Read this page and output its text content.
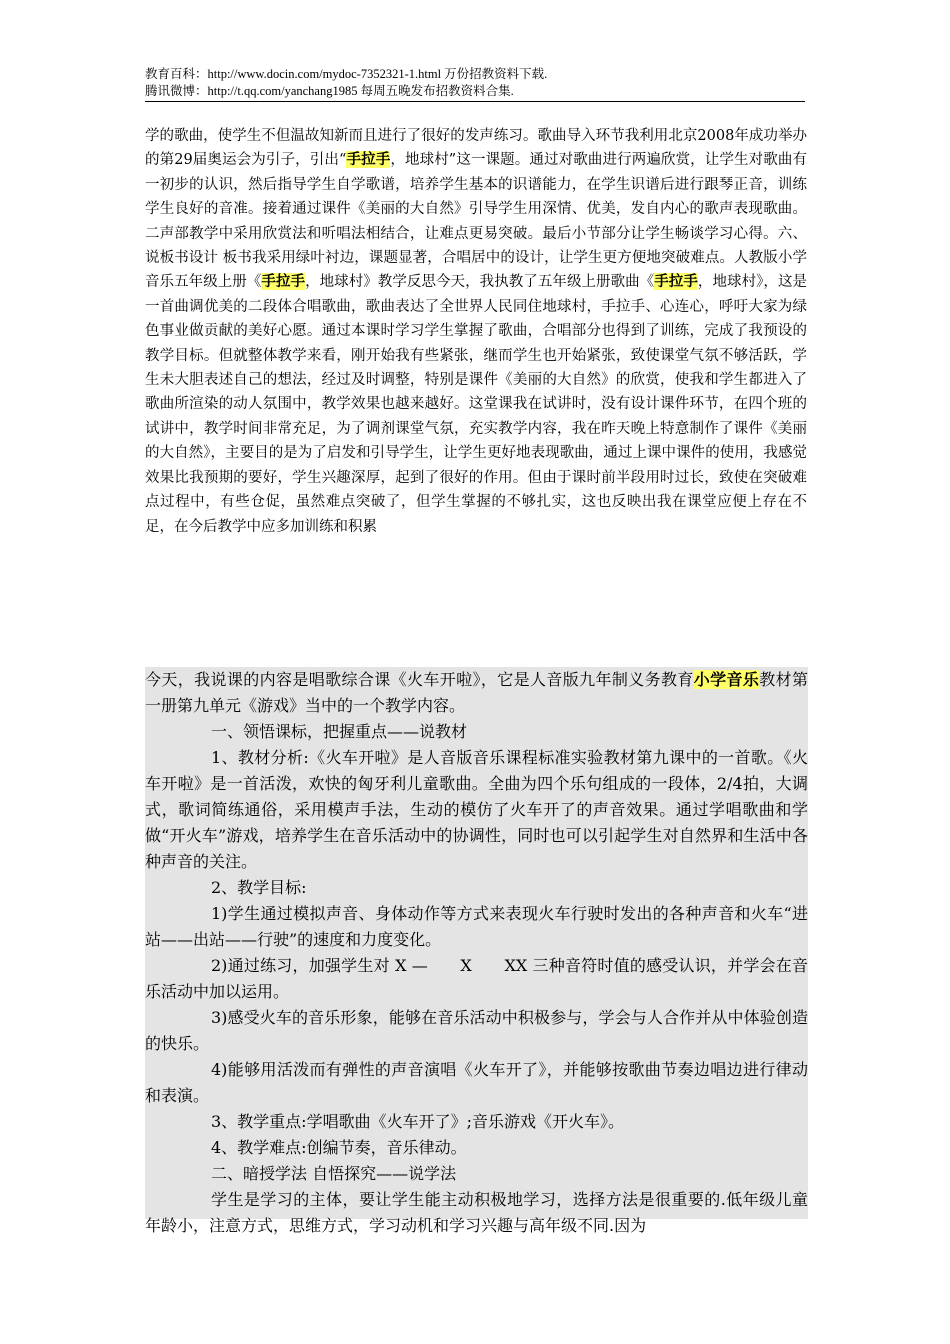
教育百科：http://www.docin.com/mydoc-7352321-1.html 万份招教资料下载.
腾讯微博：http://t.qq.com/yanchang1985 每周五晚发布招教资料合集.
学的歌曲，使学生不但温故知新而且进行了很好的发声练习。歌曲导入环节我利用北京2008年成功举办的第29届奥运会为引子，引出“手拉手，地球村”这一课题。通过对歌曲进行两遍欣赏，让学生对歌曲有一初步的认识，然后指导学生自学歌谱，培养学生基本的识谱能力，在学生识谱后进行跟琴正音，训练学生良好的音准。接着通过课件《美丽的大自然》引导学生用深情、优美，发自内心的歌声表现歌曲。二声部教学中采用欣赏法和听唱法相结合，让难点更易突破。最后小节部分让学生畅谈学习心得。六、说板书设计 板书我采用绿叶衬边，课题显著，合唱居中的设计，让学生更方便地突破难点。人教版小学音乐五年级上册《手拉手，地球村》教学反思今天，我执教了五年级上册歌曲《手拉手，地球村》，这是一首曲调优美的二段体合唱歌曲，歌曲表达了全世界人民同住地球村，手拉手、心连心，呼吁大家为绿色事业做贡献的美好心愿。通过本课时学习学生掌握了歌曲，合唱部分也得到了训练，完成了我预设的教学目标。但就整体教学来看，刚开始我有些紧张，继而学生也开始紧张，致使课堂气氛不够活跃，学生未大胆表述自己的想法，经过及时调整，特别是课件《美丽的大自然》的欣赏，使我和学生都进入了歌曲所渲染的动人氛围中，教学效果也越来越好。这堂课我在试讲时，没有设计课件环节，在四个班的试讲中，教学时间非常充足，为了调剂课堂气氛，充实教学内容，我在昨天晚上特意制作了课件《美丽的大自然》，主要目的是为了启发和引导学生，让学生更好地表现歌曲，通过上课中课件的使用，我感觉效果比我预期的要好，学生兴趣深厚，起到了很好的作用。但由于课时前半段用时过长，致使在突破难点过程中，有些仓促，虽然难点突破了，但学生掌握的不够扎实，这也反映出我在课堂应便上存在不足，在今后教学中应多加训练和积累

今天，我说课的内容是唱歌综合课《火车开啦》，它是人音版九年制义务教育小学音乐教材第一册第九单元《游戏》当中的一个教学内容。

一、领悟课标，把握重点——说教材

1、教材分析:《火车开啦》是人音版音乐课程标准实验教材第九课中的一首歌。《火车开啦》是一首活泼，欢快的匈牙利儿童歌曲。全曲为四个乐句组成的一段体，2/4拍，大调式，歌词简练通俗，采用模声手法，生动的模仿了火车开了的声音效果。通过学唱歌曲和学做“开火车”游戏，培养学生在音乐活动中的协调性，同时也可以引起学生对自然界和生活中各种声音的关注。

2、教学目标:

1)学生通过模拟声音、身体动作等方式来表现火车行驶时发出的各种声音和火车“进站——出站——行驶”的速度和力度变化。

2)通过练习，加强学生对 X —　　X　　XX 三种音符时值的感受认识，并学会在音乐活动中加以运用。

3)感受火车的音乐形象，能够在音乐活动中积极参与，学会与人合作并从中体验创造的快乐。

4)能够用活泼而有弹性的声音演唱《火车开了》，并能够按歌曲节奏边唱边进行律动和表演。

3、教学重点:学唱歌曲《火车开了》;音乐游戏《开火车》。

4、教学难点:创编节奏，音乐律动。

二、暗授学法 自悟探究——说学法

学生是学习的主体，要让学生能主动积极地学习，选择方法是很重要的.低年级儿童年龄小，注意方式，思维方式，学习动机和学习兴趣与高年级不同.因为
